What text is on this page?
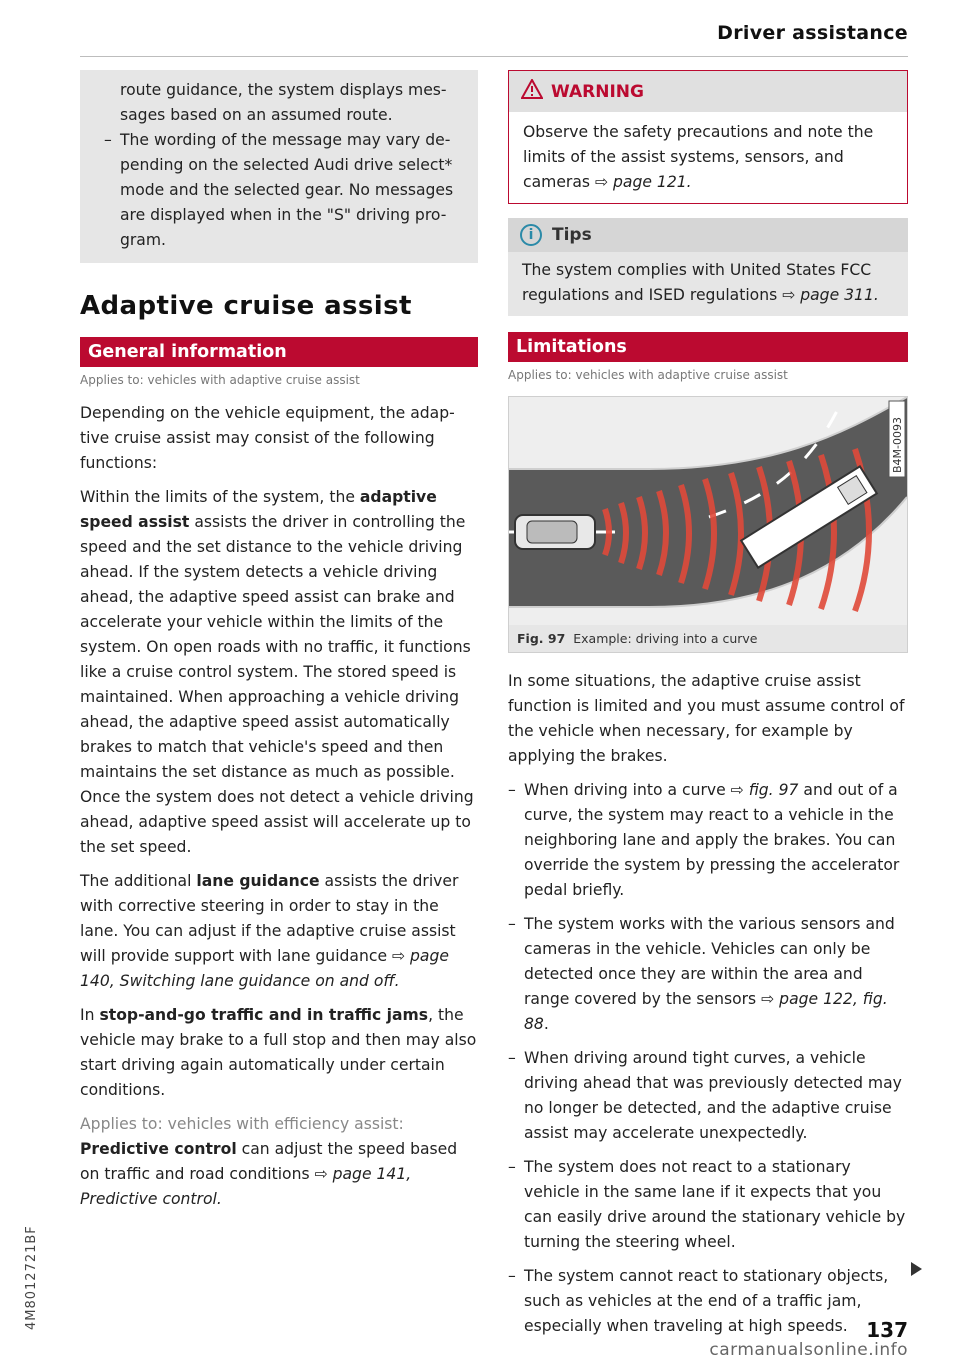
Driver assistance
4M8012721BF

route guidance, the system displays mes-
sages based on an assumed route.

– The wording of the message may vary de-
pending on the selected Audi drive select*
mode and the selected gear. No messages
are displayed when in the "S" driving pro-
gram.

Adaptive cruise assist
General information
Applies to: vehicles with adaptive cruise assist

Depending on the vehicle equipment, the adap-
tive cruise assist may consist of the following
functions:

Within the limits of the system, the adaptive speed assist assists the driver in controlling the speed and the set distance to the vehicle driving ahead. If the system detects a vehicle driving ahead, the adaptive speed assist can brake and accelerate your vehicle within the limits of the system. On open roads with no traffic, it functions like a cruise control system. The stored speed is maintained. When approaching a vehicle driving ahead, the adaptive speed assist automatically brakes to match that vehicle's speed and then maintains the set distance as much as possible. Once the system does not detect a vehicle driving ahead, adaptive speed assist will accelerate up to the set speed.

The additional lane guidance assists the driver with corrective steering in order to stay in the lane. You can adjust if the adaptive cruise assist will provide support with lane guidance ⇨ page 140, Switching lane guidance on and off.

In stop-and-go traffic and in traffic jams, the vehicle may brake to a full stop and then may also start driving again automatically under certain conditions.

Applies to: vehicles with efficiency assist: Predictive control can adjust the speed based on traffic and road conditions ⇨ page 141, Predictive control.

WARNING
Observe the safety precautions and note the limits of the assist systems, sensors, and cameras ⇨ page 121.
i	Tips
The system complies with United States FCC regulations and ISED regulations ⇨ page 311.
Limitations
Applies to: vehicles with adaptive cruise assist
B4M-0093
Fig. 97 Example: driving into a curve

In some situations, the adaptive cruise assist function is limited and you must assume control of the vehicle when necessary, for example by applying the brakes.

– When driving into a curve ⇨ fig. 97 and out of a curve, the system may react to a vehicle in the neighboring lane and apply the brakes. You can override the system by pressing the accelerator pedal briefly.

– The system works with the various sensors and cameras in the vehicle. Vehicles can only be detected once they are within the area and range covered by the sensors ⇨ page 122, fig. 88.

– When driving around tight curves, a vehicle driving ahead that was previously detected may no longer be detected, and the adaptive cruise assist may accelerate unexpectedly.

– The system does not react to a stationary vehicle in the same lane if it expects that you can easily drive around the stationary vehicle by turning the steering wheel.

– The system cannot react to stationary objects, such as vehicles at the end of a traffic jam, especially when traveling at high speeds. 137
carmanualsonline.info
